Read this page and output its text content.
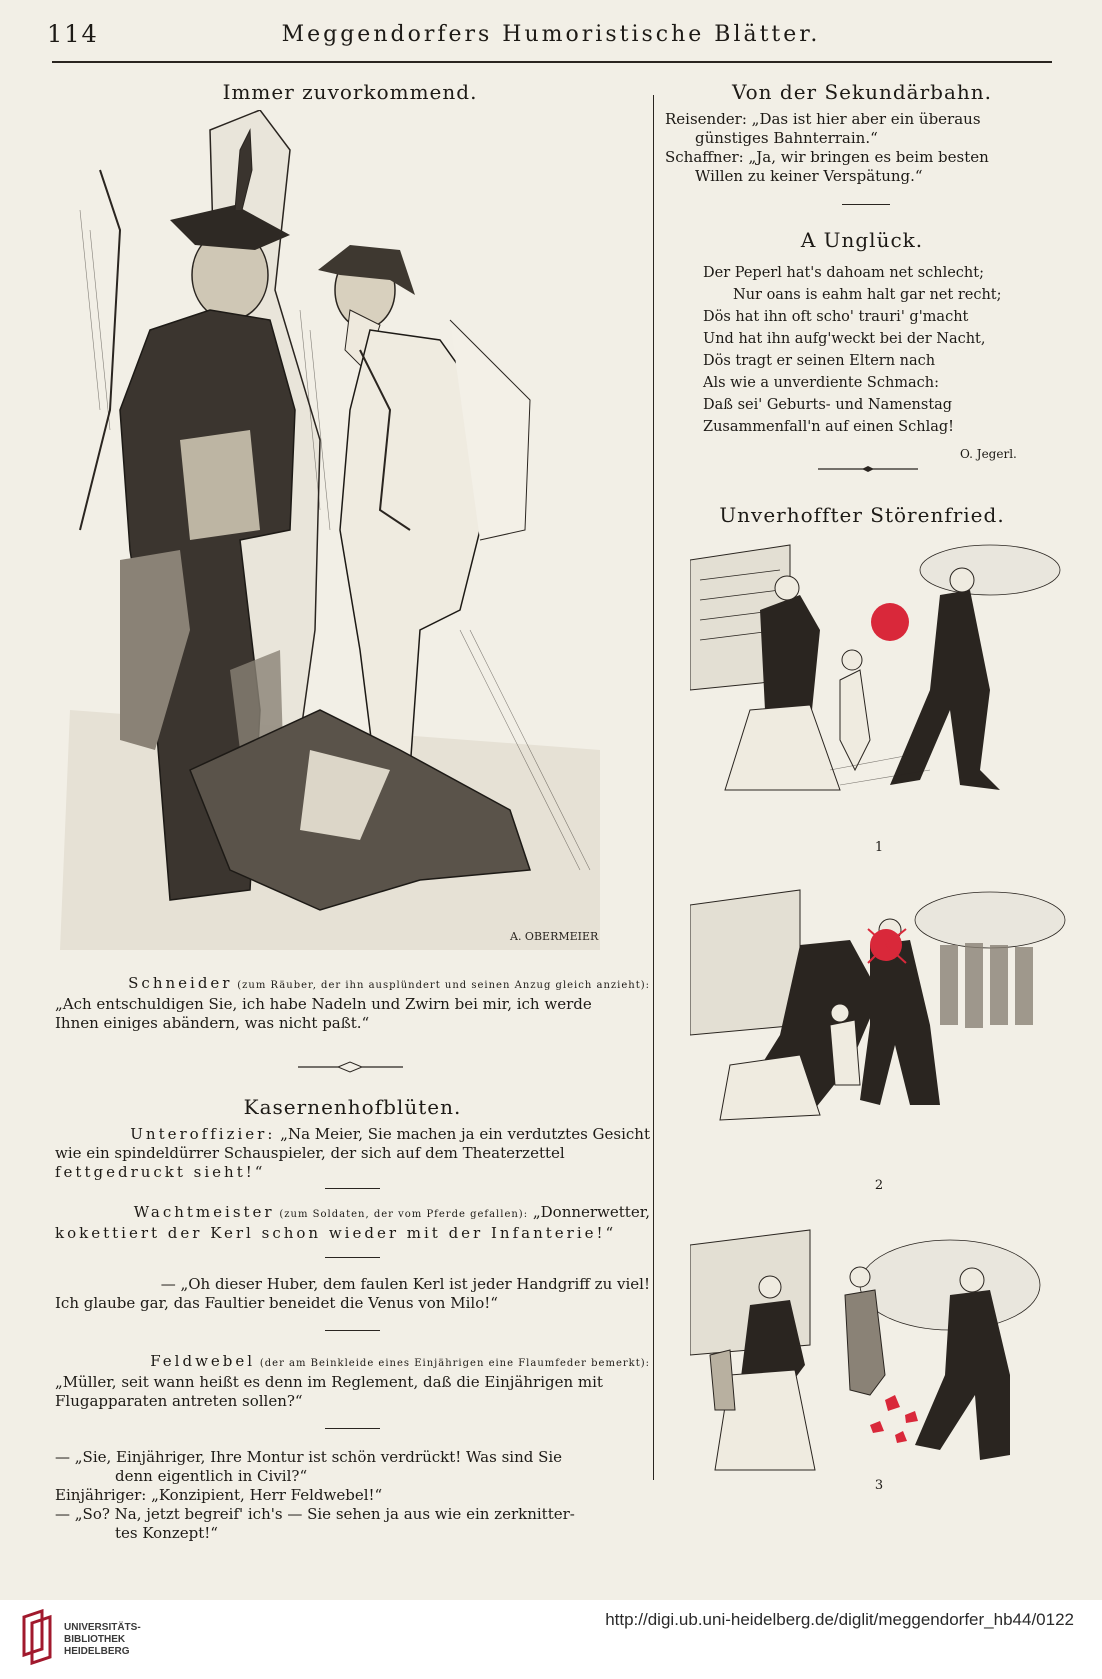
114	Meggendorfers Humoristische Blätter.
Immer zuvorkommend.
A. OBERMEIER
Schneider (zum Räuber, der ihn ausplündert und seinen Anzug gleich anzieht):
„Ach entschuldigen Sie, ich habe Nadeln und Zwirn bei mir, ich werde
Ihnen einiges abändern, was nicht paßt.“
Kasernenhofblüten.
Unteroffizier: „Na Meier, Sie machen ja ein verdutztes Gesicht
wie ein spindeldürrer Schauspieler, der sich auf dem Theaterzettel
fettgedruckt sieht!“
Wachtmeister (zum Soldaten, der vom Pferde gefallen): „Donnerwetter,
kokettiert der Kerl schon wieder mit der Infanterie!“
— „Oh dieser Huber, dem faulen Kerl ist jeder Handgriff zu viel!
Ich glaube gar, das Faultier beneidet die Venus von Milo!“
Feldwebel (der am Beinkleide eines Einjährigen eine Flaumfeder bemerkt):
„Müller, seit wann heißt es denn im Reglement, daß die Einjährigen mit
Flugapparaten antreten sollen?“
— „Sie, Einjähriger, Ihre Montur ist schön verdrückt! Was sind Sie
denn eigentlich in Civil?“
Einjähriger: „Konzipient, Herr Feldwebel!“
— „So? Na, jetzt begreif' ich's — Sie sehen ja aus wie ein zerknitter-
tes Konzept!“
Von der Sekundärbahn.
Reisender: „Das ist hier aber ein überaus
günstiges Bahnterrain.“
Schaffner: „Ja, wir bringen es beim besten
Willen zu keiner Verspätung.“
A Unglück.
Der Peperl hat's dahoam net schlecht;
Nur oans is eahm halt gar net recht;
Dös hat ihn oft scho' trauri' g'macht
Und hat ihn aufg'weckt bei der Nacht,
Dös tragt er seinen Eltern nach
Als wie a unverdiente Schmach:
Daß sei' Geburts- und Namenstag
Zusammenfall'n auf einen Schlag!
O. Jegerl.
Unverhoffter Störenfried.
1
2
3
UNIVERSITÄTS-
BIBLIOTHEK
HEIDELBERG
http://digi.ub.uni-heidelberg.de/diglit/meggendorfer_hb44/0122
